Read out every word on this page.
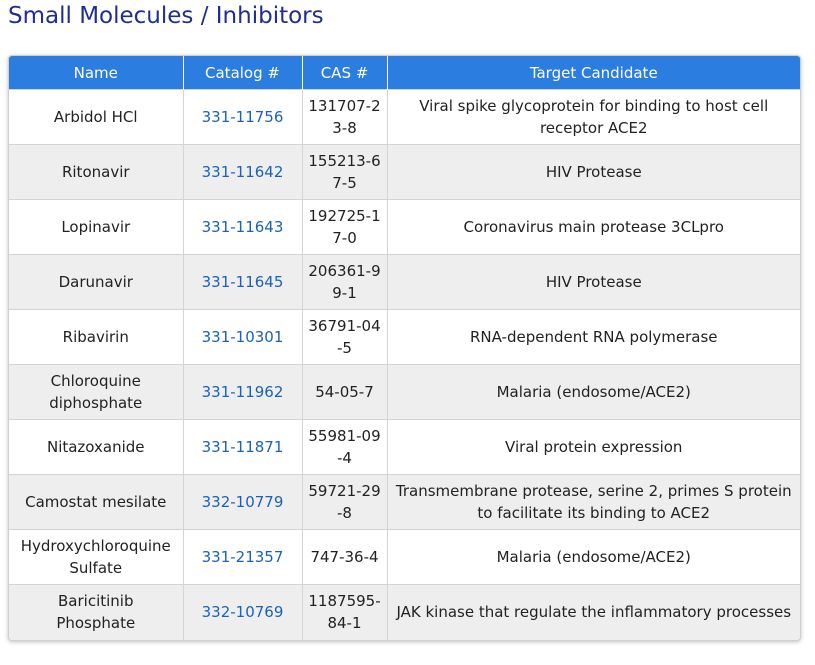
Small Molecules / Inhibitors
Name	Catalog #	CAS #	Target Candidate
Arbidol HCl	331-11756	131707-23-8	Viral spike glycoprotein for binding to host cell receptor ACE2
Ritonavir	331-11642	155213-67-5	HIV Protease
Lopinavir	331-11643	192725-17-0	Coronavirus main protease 3CLpro
Darunavir	331-11645	206361-99-1	HIV Protease
Ribavirin	331-10301	36791-04-5	RNA-dependent RNA polymerase
Chloroquine diphosphate	331-11962	54-05-7	Malaria (endosome/ACE2)
Nitazoxanide	331-11871	55981-09-4	Viral protein expression
Camostat mesilate	332-10779	59721-29-8	Transmembrane protease, serine 2, primes S protein to facilitate its binding to ACE2
Hydroxychloroquine Sulfate	331-21357	747-36-4	Malaria (endosome/ACE2)
Baricitinib Phosphate	332-10769	1187595-84-1	JAK kinase that regulate the inflammatory processes
